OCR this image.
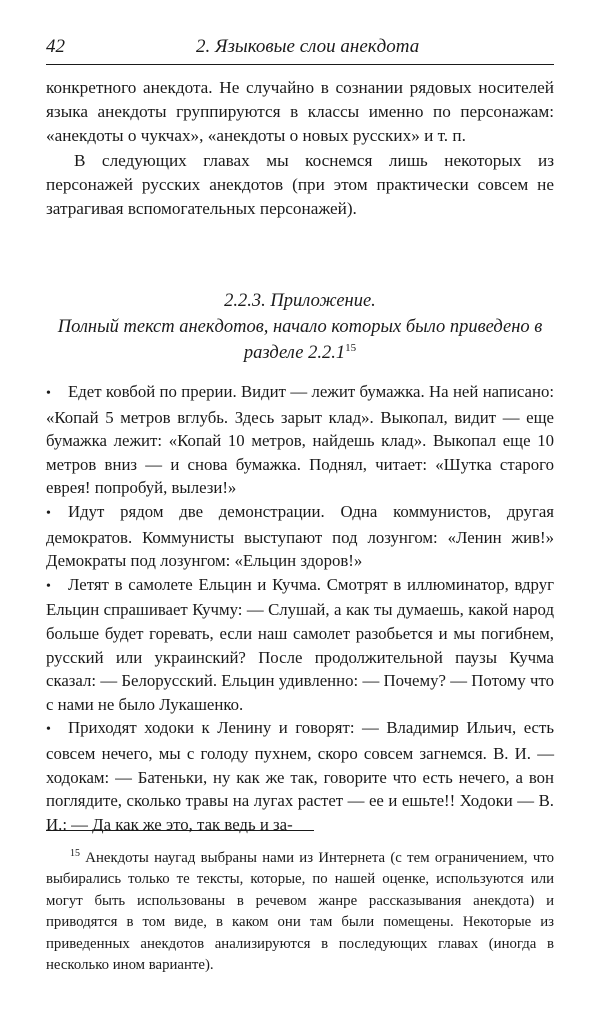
42	2. Языковые слои анекдота

конкретного анекдота. Не случайно в сознании рядовых носителей языка анекдоты группируются в классы именно по персонажам: «анекдоты о чукчах», «анекдоты о новых русских» и т. п.

В следующих главах мы коснемся лишь некоторых из персонажей русских анекдотов (при этом практически совсем не затрагивая вспомогательных персонажей).

2.2.3. Приложение.
Полный текст анекдотов, начало которых было приведено в разделе 2.2.1$^{15}$

• Едет ковбой по прерии. Видит — лежит бумажка. На ней написано: «Копай 5 метров вглубь. Здесь зарыт клад». Выкопал, видит — еще бумажка лежит: «Копай 10 метров, найдешь клад». Выкопал еще 10 метров вниз — и снова бумажка. Поднял, читает: «Шутка старого еврея! попробуй, вылези!»

• Идут рядом две демонстрации. Одна коммунистов, другая демократов. Коммунисты выступают под лозунгом: «Ленин жив!» Демократы под лозунгом: «Ельцин здоров!»

• Летят в самолете Ельцин и Кучма. Смотрят в иллюминатор, вдруг Ельцин спрашивает Кучму: — Слушай, а как ты думаешь, какой народ больше будет горевать, если наш самолет разобьется и мы погибнем, русский или украинский? После продолжительной паузы Кучма сказал: — Белорусский. Ельцин удивленно: — Почему? — Потому что с нами не было Лукашенко.

• Приходят ходоки к Ленину и говорят: — Владимир Ильич, есть совсем нечего, мы с голоду пухнем, скоро совсем загнемся. В. И. — ходокам: — Батеньки, ну как же так, говорите что есть нечего, а вон поглядите, сколько травы на лугах растет — ее и ешьте!! Ходоки — В. И.: — Да как же это, так ведь и за-

$^{15}$ Анекдоты наугад выбраны нами из Интернета (с тем ограничением, что выбирались только те тексты, которые, по нашей оценке, используются или могут быть использованы в речевом жанре рассказывания анекдота) и приводятся в том виде, в каком они там были помещены. Некоторые из приведенных анекдотов анализируются в последующих главах (иногда в несколько ином варианте).
